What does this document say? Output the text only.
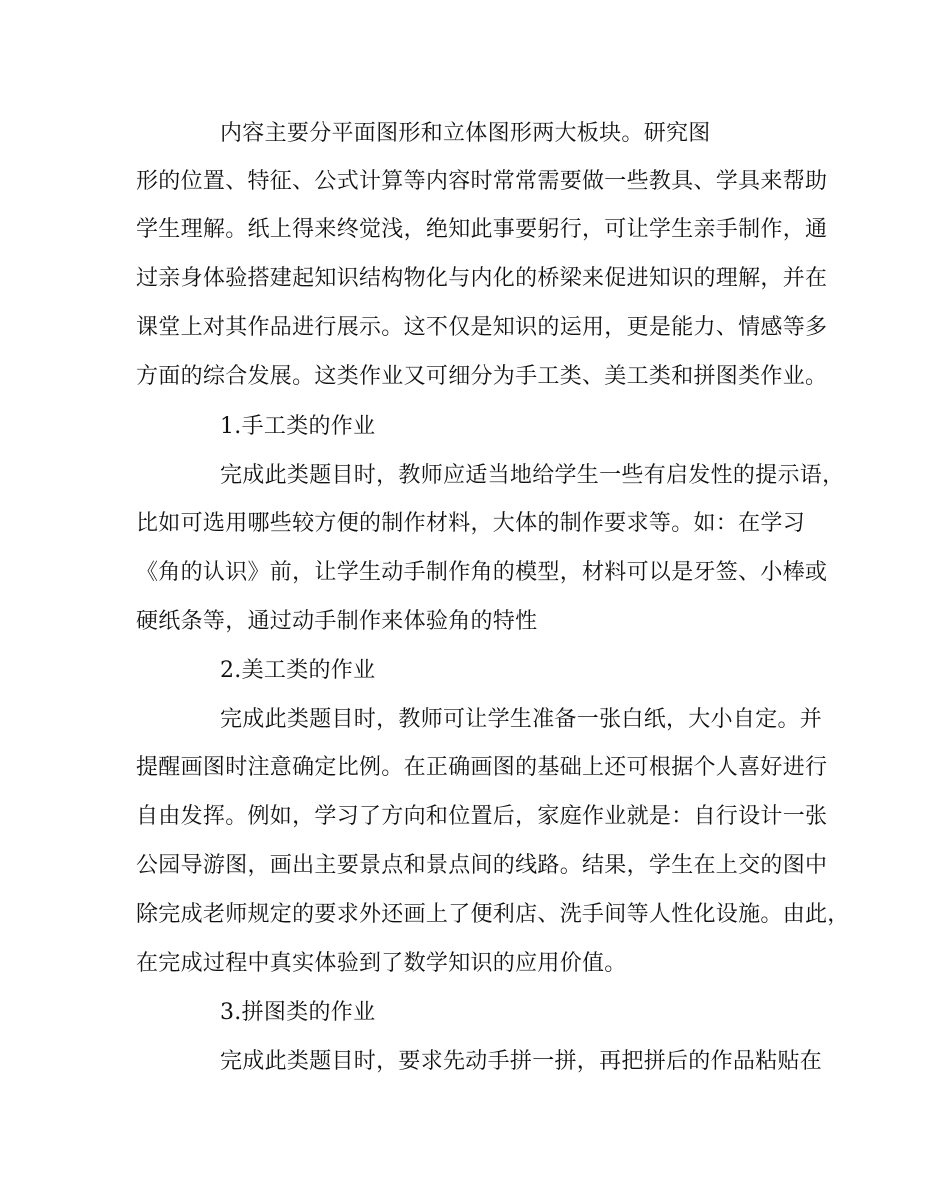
内容主要分平面图形和立体图形两大板块。研究图
形的位置、特征、公式计算等内容时常常需要做一些教具、学具来帮助
学生理解。纸上得来终觉浅，绝知此事要躬行，可让学生亲手制作，通
过亲身体验搭建起知识结构物化与内化的桥梁来促进知识的理解，并在
课堂上对其作品进行展示。这不仅是知识的运用，更是能力、情感等多
方面的综合发展。这类作业又可细分为手工类、美工类和拼图类作业。
1.手工类的作业
完成此类题目时，教师应适当地给学生一些有启发性的提示语，
比如可选用哪些较方便的制作材料，大体的制作要求等。如：在学习
《角的认识》前，让学生动手制作角的模型，材料可以是牙签、小棒或
硬纸条等，通过动手制作来体验角的特性
2.美工类的作业
完成此类题目时，教师可让学生准备一张白纸，大小自定。并
提醒画图时注意确定比例。在正确画图的基础上还可根据个人喜好进行
自由发挥。例如，学习了方向和位置后，家庭作业就是：自行设计一张
公园导游图，画出主要景点和景点间的线路。结果，学生在上交的图中
除完成老师规定的要求外还画上了便利店、洗手间等人性化设施。由此，
在完成过程中真实体验到了数学知识的应用价值。
3.拼图类的作业
完成此类题目时，要求先动手拼一拼，再把拼后的作品粘贴在
